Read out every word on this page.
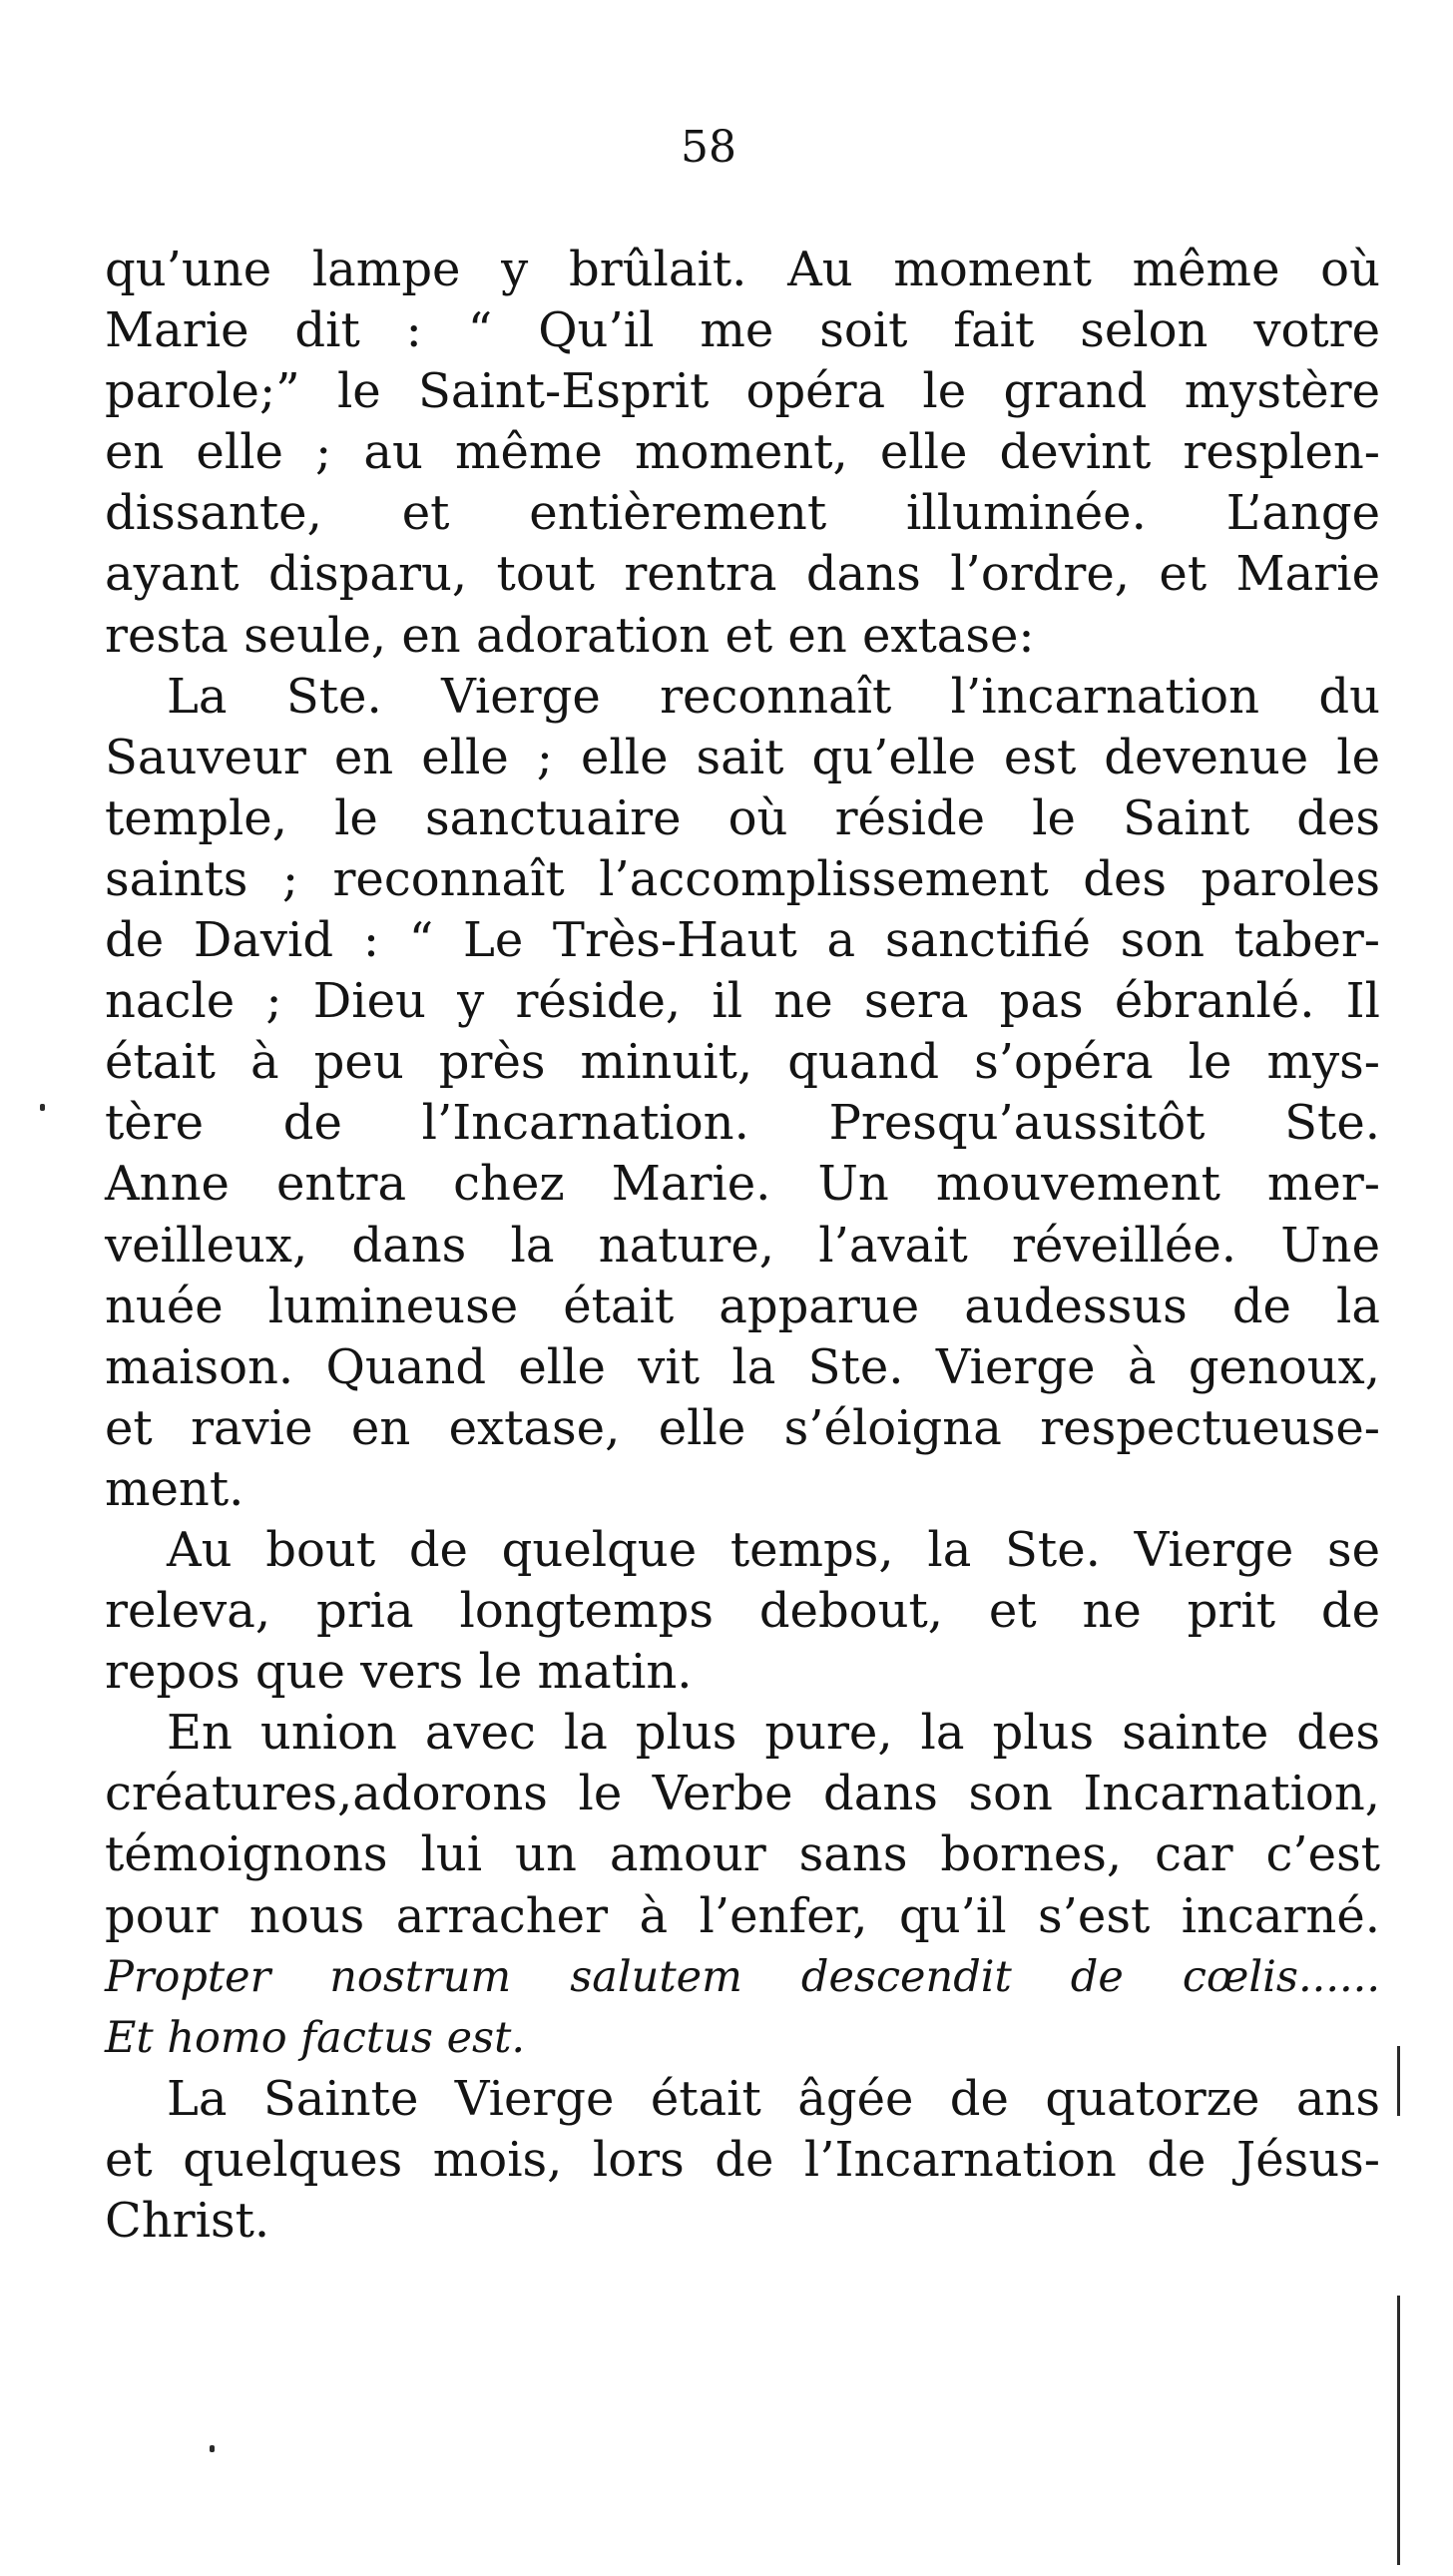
58
qu’une lampe y brûlait. Au moment même où
Marie dit : “ Qu’il me soit fait selon votre
parole;” le Saint-Esprit opéra le grand mystère
en elle ; au même moment, elle devint resplen-
dissante, et entièrement illuminée. L’ange
ayant disparu, tout rentra dans l’ordre, et Marie
resta seule, en adoration et en extase:
La Ste. Vierge reconnaît l’incarnation du
Sauveur en elle ; elle sait qu’elle est devenue le
temple, le sanctuaire où réside le Saint des
saints ; reconnaît l’accomplissement des paroles
de David : “ Le Très-Haut a sanctifié son taber-
nacle ; Dieu y réside, il ne sera pas ébranlé. Il
était à peu près minuit, quand s’opéra le mys-
tère de l’Incarnation. Presqu’aussitôt Ste.
Anne entra chez Marie. Un mouvement mer-
veilleux, dans la nature, l’avait réveillée. Une
nuée lumineuse était apparue audessus de la
maison. Quand elle vit la Ste. Vierge à genoux,
et ravie en extase, elle s’éloigna respectueuse-
ment.
Au bout de quelque temps, la Ste. Vierge se
releva, pria longtemps debout, et ne prit de
repos que vers le matin.
En union avec la plus pure, la plus sainte des
créatures,adorons le Verbe dans son Incarnation,
témoignons lui un amour sans bornes, car c’est
pour nous arracher à l’enfer, qu’il s’est incarné.
Propter nostrum salutem descendit de cœlis......
Et homo factus est.
La Sainte Vierge était âgée de quatorze ans
et quelques mois, lors de l’Incarnation de Jésus-
Christ.
